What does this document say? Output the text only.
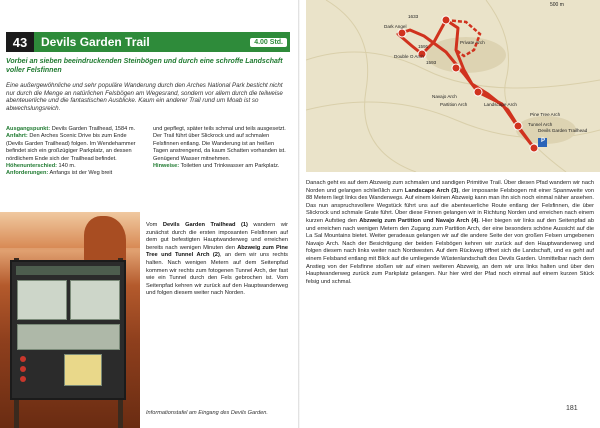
43	Devils Garden Trail	4.00 Std.
Vorbei an sieben beeindruckenden Steinbögen und durch eine schroffe Landschaft voller Felsfinnen
Eine außergewöhnliche und sehr populäre Wanderung durch den Arches National Park besticht nicht nur durch die Menge an natürlichen Felsbögen am Wegesrand, sondern vor allem durch die teilweise abenteuerliche und die fantastischen Ausblicke. Kaum ein anderer Trail rund um Moab ist so abwechslungsreich.
Ausgangspunkt: Devils Garden Trailhead, 1584 m.
Anfahrt: Den Arches Scenic Drive bis zum Ende (Devils Garden Trailhead) folgen. Im Wendehammer befindet sich ein großzügiger Parkplatz, an dessen nördlichem Ende sich der Trailhead befindet.
Höhenunterschied: 140 m.
Anforderungen: Anfangs ist der Weg breit
und gepflegt, später teils schmal und teils ausgesetzt. Der Trail führt über Slickrock und auf schmalen Felsfinnen entlang. Die Wanderung ist an heißen Tagen anstrengend, da kaum Schatten vorhanden ist. Genügend Wasser mitnehmen.
Hinweise: Toiletten und Trinkwasser am Parkplatz.
Vom Devils Garden Trailhead (1) wandern wir zunächst durch die ersten imposanten Felsfinnen auf dem gut befestigten Hauptwanderweg und erreichen bereits nach wenigen Minuten den Abzweig zum Pine Tree und Tunnel Arch (2), an dem wir uns rechts halten. Nach wenigen Metern auf dem Seitenpfad kommen wir rechts zum fotogenen Tunnel Arch, der fast wie ein Tunnel durch den Fels gebrochen ist. Vom Seitenpfad kehren wir zurück auf den Hauptwanderweg und folgen diesem weiter nach Norden.
Informationstafel am Eingang des Devils Garden.
P
Dark Angel
Double O Arch
Private Arch
Navajo Arch
Partition Arch	Landscape Arch
Pine Tree Arch
Tunnel Arch
Devils Garden Trailhead
1633
1593
1591
500 m
Danach geht es auf dem Abzweig zum schmalen und sandigen Primitive Trail. Über diesen Pfad wandern wir nach Norden und gelangen schließlich zum Landscape Arch (3), der imposante Felsbogen mit einer Spannweite von 88 Metern liegt links des Wanderwegs. Auf einem kleinen Abzweig kann man ihn sich noch einmal näher ansehen. Das nun anspruchsvollere Wegstück führt uns auf die abenteuerliche Route entlang der Felsfinnen, die über Slickrock und schmale Grate führt. Über diese Finnen gelangen wir in Richtung Norden und erreichen nach einem kurzen Aufstieg den Abzweig zum Partition und Navajo Arch (4). Hier biegen wir links auf den Seitenpfad ab und erreichen nach wenigen Metern den Zugang zum Partition Arch, der eine besonders schöne Aussicht auf die La Sal Mountains bietet. Weiter geradeaus gelangen wir auf die andere Seite der von großen Felsen umgebenen Navajo Arch. Nach der Besichtigung der beiden Felsbögen kehren wir zurück auf den Hauptwanderweg und folgen diesem nach links weiter nach Nordwesten. Auf dem Rückweg öffnet sich die Landschaft, und es geht auf einem Felsband entlang mit Blick auf die umliegende Wüstenlandschaft des Devils Garden. Unmittelbar nach dem Anstieg von der Felsfinne stoßen wir auf einen weiteren Abzweig, an dem wir uns links halten und über den Hauptwanderweg zurück zum Parkplatz gelangen. Nur hier wird der Pfad noch einmal auf einem kurzen Stück felsig und schmal.
181
